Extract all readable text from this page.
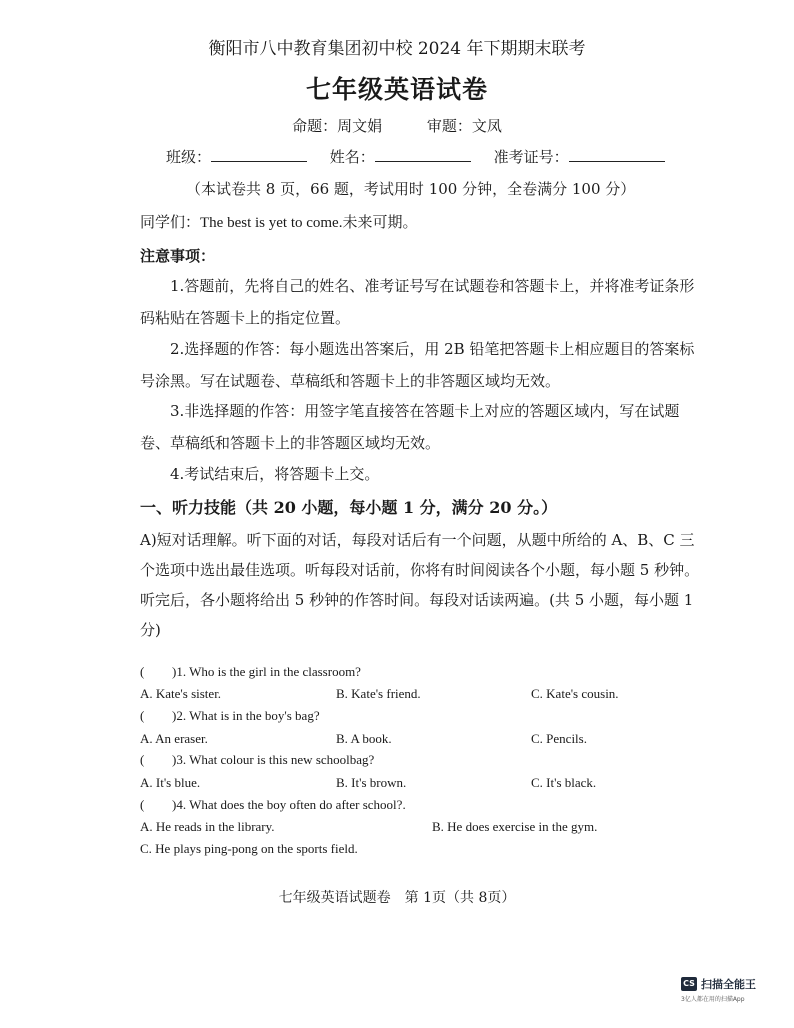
衡阳市八中教育集团初中校 2024 年下期期末联考
七年级英语试卷
命题：周文娟	审题：文凤
班级：	姓名：	准考证号：
（本试卷共 8 页，66 题，考试用时 100 分钟，全卷满分 100 分）
同学们：The best is yet to come.未来可期。
注意事项：
1.答题前，先将自己的姓名、准考证号写在试题卷和答题卡上，并将准考证条形码粘贴在答题卡上的指定位置。
2.选择题的作答：每小题选出答案后，用 2B 铅笔把答题卡上相应题目的答案标号涂黑。写在试题卷、草稿纸和答题卡上的非答题区域均无效。
3.非选择题的作答：用签字笔直接答在答题卡上对应的答题区域内，写在试题卷、草稿纸和答题卡上的非答题区域均无效。
4.考试结束后，将答题卡上交。
一、听力技能（共 20 小题，每小题 1 分，满分 20 分。）
A)短对话理解。听下面的对话，每段对话后有一个问题，从题中所给的 A、B、C 三个选项中选出最佳选项。听每段对话前，你将有时间阅读各个小题，每小题 5 秒钟。听完后，各小题将给出 5 秒钟的作答时间。每段对话读两遍。(共 5 小题，每小题 1 分)
( )1. Who is the girl in the classroom?
A. Kate's sister.	B. Kate's friend.	C. Kate's cousin.
( )2. What is in the boy's bag?
A. An eraser.	B. A book.	C. Pencils.
( )3. What colour is this new schoolbag?
A. It's blue.	B. It's brown.	C. It's black.
( )4. What does the boy often do after school?.
A. He reads in the library.	B. He does exercise in the gym.
C. He plays ping-pong on the sports field.
七年级英语试题卷　第 1页（共 8页）
CS 扫描全能王
3亿人都在用的扫描App
